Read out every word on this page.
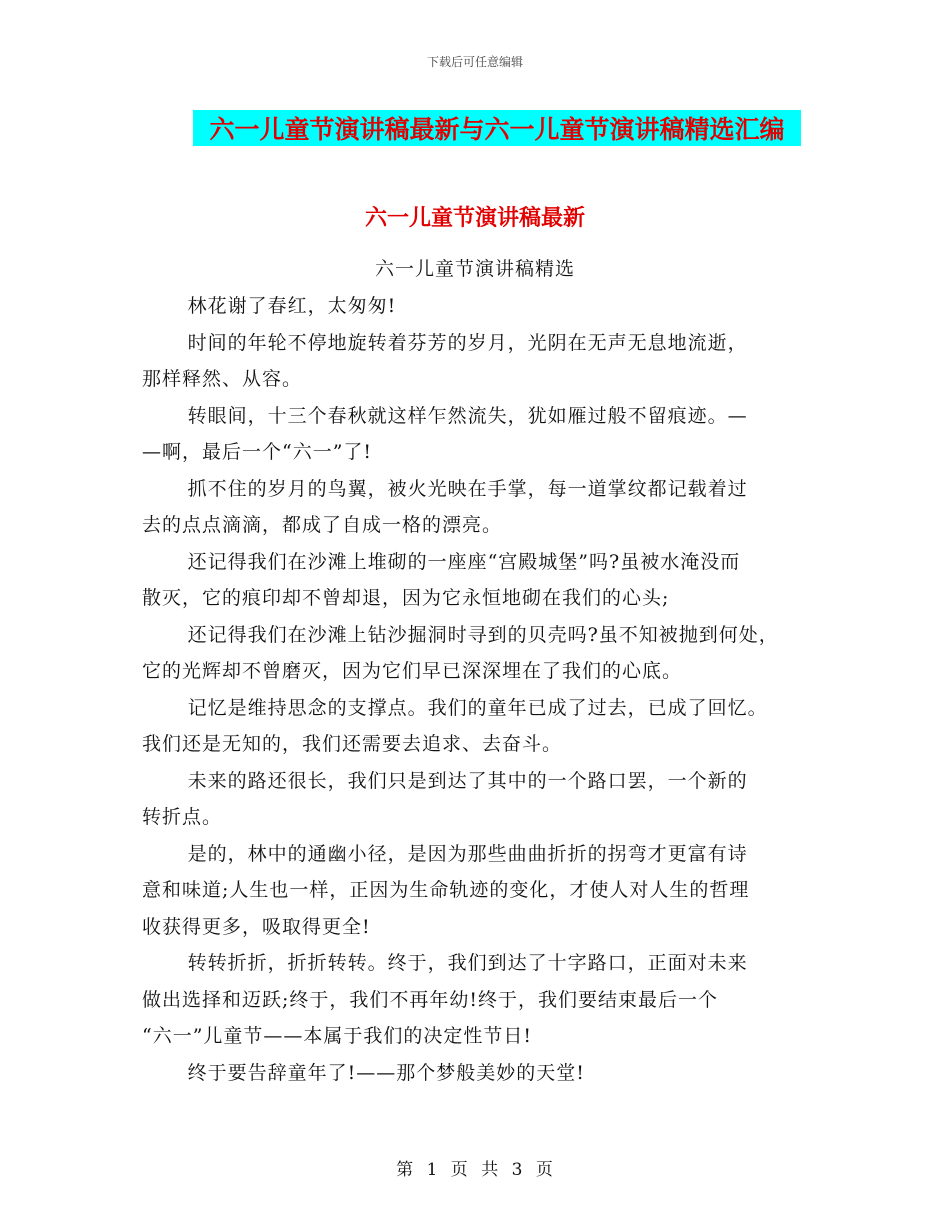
下载后可任意编辑
六一儿童节演讲稿最新与六一儿童节演讲稿精选汇编
六一儿童节演讲稿最新
六一儿童节演讲稿精选

林花谢了春红，太匆匆!

时间的年轮不停地旋转着芬芳的岁月，光阴在无声无息地流逝，
那样释然、从容。

转眼间，十三个春秋就这样乍然流失，犹如雁过般不留痕迹。—
—啊，最后一个“六一”了!

抓不住的岁月的鸟翼，被火光映在手掌，每一道掌纹都记载着过
去的点点滴滴，都成了自成一格的漂亮。

还记得我们在沙滩上堆砌的一座座“宫殿城堡”吗?虽被水淹没而
散灭，它的痕印却不曾却退，因为它永恒地砌在我们的心头;

还记得我们在沙滩上钻沙掘洞时寻到的贝壳吗?虽不知被抛到何处，
它的光辉却不曾磨灭，因为它们早已深深埋在了我们的心底。

记忆是维持思念的支撑点。我们的童年已成了过去，已成了回忆。
我们还是无知的，我们还需要去追求、去奋斗。

未来的路还很长，我们只是到达了其中的一个路口罢，一个新的
转折点。

是的，林中的通幽小径，是因为那些曲曲折折的拐弯才更富有诗
意和味道;人生也一样，正因为生命轨迹的变化，才使人对人生的哲理
收获得更多，吸取得更全!

转转折折，折折转转。终于，我们到达了十字路口，正面对未来
做出选择和迈跃;终于，我们不再年幼!终于，我们要结束最后一个
“六一”儿童节——本属于我们的决定性节日!

终于要告辞童年了!——那个梦般美妙的天堂!

第 1 页 共 3 页
